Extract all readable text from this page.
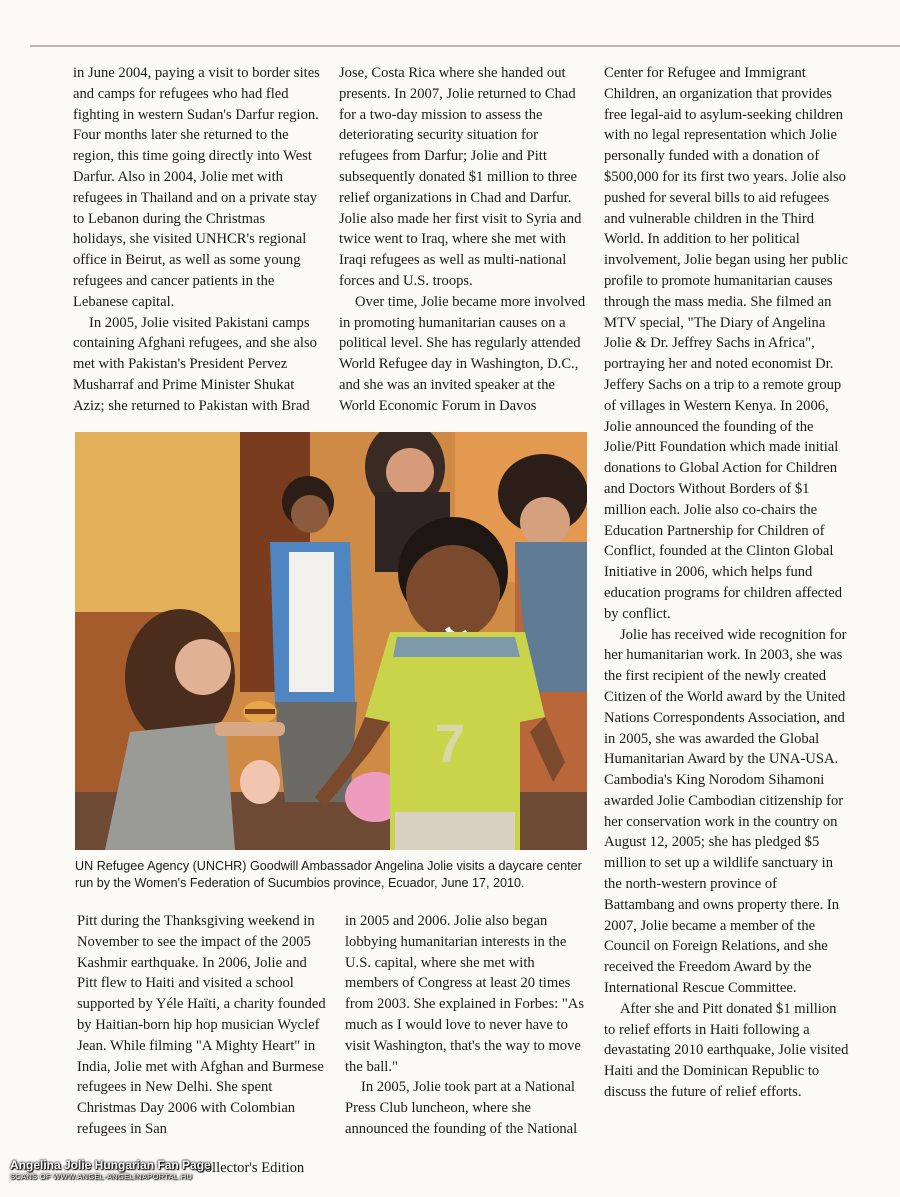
in June 2004, paying a visit to border sites and camps for refugees who had fled fighting in western Sudan's Darfur region. Four months later she returned to the region, this time going directly into West Darfur. Also in 2004, Jolie met with refugees in Thailand and on a private stay to Lebanon during the Christmas holidays, she visited UNHCR's regional office in Beirut, as well as some young refugees and cancer patients in the Lebanese capital.

In 2005, Jolie visited Pakistani camps containing Afghani refugees, and she also met with Pakistan's President Pervez Musharraf and Prime Minister Shukat Aziz; she returned to Pakistan with Brad

Jose, Costa Rica where she handed out presents. In 2007, Jolie returned to Chad for a two-day mission to assess the deteriorating security situation for refugees from Darfur; Jolie and Pitt subsequently donated $1 million to three relief organizations in Chad and Darfur. Jolie also made her first visit to Syria and twice went to Iraq, where she met with Iraqi refugees as well as multi-national forces and U.S. troops.

Over time, Jolie became more involved in promoting humanitarian causes on a political level. She has regularly attended World Refugee day in Washington, D.C., and she was an invited speaker at the World Economic Forum in Davos

Center for Refugee and Immigrant Children, an organization that provides free legal-aid to asylum-seeking children with no legal representation which Jolie personally funded with a donation of $500,000 for its first two years. Jolie also pushed for several bills to aid refugees and vulnerable children in the Third World. In addition to her political involvement, Jolie began using her public profile to promote humanitarian causes through the mass media. She filmed an MTV special, "The Diary of Angelina Jolie & Dr. Jeffrey Sachs in Africa", portraying her and noted economist Dr. Jeffery Sachs on a trip to a remote group of villages in Western Kenya. In 2006, Jolie announced the founding of the Jolie/Pitt Foundation which made initial donations to Global Action for Children and Doctors Without Borders of $1 million each. Jolie also co-chairs the Education Partnership for Children of Conflict, founded at the Clinton Global Initiative in 2006, which helps fund education programs for children affected by conflict.

Jolie has received wide recognition for her humanitarian work. In 2003, she was the first recipient of the newly created Citizen of the World award by the United Nations Correspondents Association, and in 2005, she was awarded the Global Humanitarian Award by the UNA-USA. Cambodia's King Norodom Sihamoni awarded Jolie Cambodian citizenship for her conservation work in the country on August 12, 2005; she has pledged $5 million to set up a wildlife sanctuary in the north-western province of Battambang and owns property there. In 2007, Jolie became a member of the Council on Foreign Relations, and she received the Freedom Award by the International Rescue Committee.

After she and Pitt donated $1 million to relief efforts in Haiti following a devastating 2010 earthquake, Jolie visited Haiti and the Dominican Republic to discuss the future of relief efforts.

7
UN Refugee Agency (UNCHR) Goodwill Ambassador Angelina Jolie visits a daycare center run by the Women's Federation of Sucumbios province, Ecuador, June 17, 2010.

Pitt during the Thanksgiving weekend in November to see the impact of the 2005 Kashmir earthquake. In 2006, Jolie and Pitt flew to Haiti and visited a school supported by Yéle Haïti, a charity founded by Haitian-born hip hop musician Wyclef Jean. While filming "A Mighty Heart" in India, Jolie met with Afghan and Burmese refugees in New Delhi. She spent Christmas Day 2006 with Colombian refugees in San

in 2005 and 2006. Jolie also began lobbying humanitarian interests in the U.S. capital, where she met with members of Congress at least 20 times from 2003. She explained in Forbes: "As much as I would love to never have to visit Washington, that's the way to move the ball."

In 2005, Jolie took part at a National Press Club luncheon, where she announced the founding of the National

Collector's Edition
Angelina Jolie Hungarian Fan Page
SCANS OF WWW.ANGEL-ANGELINAPORTAL.HU
